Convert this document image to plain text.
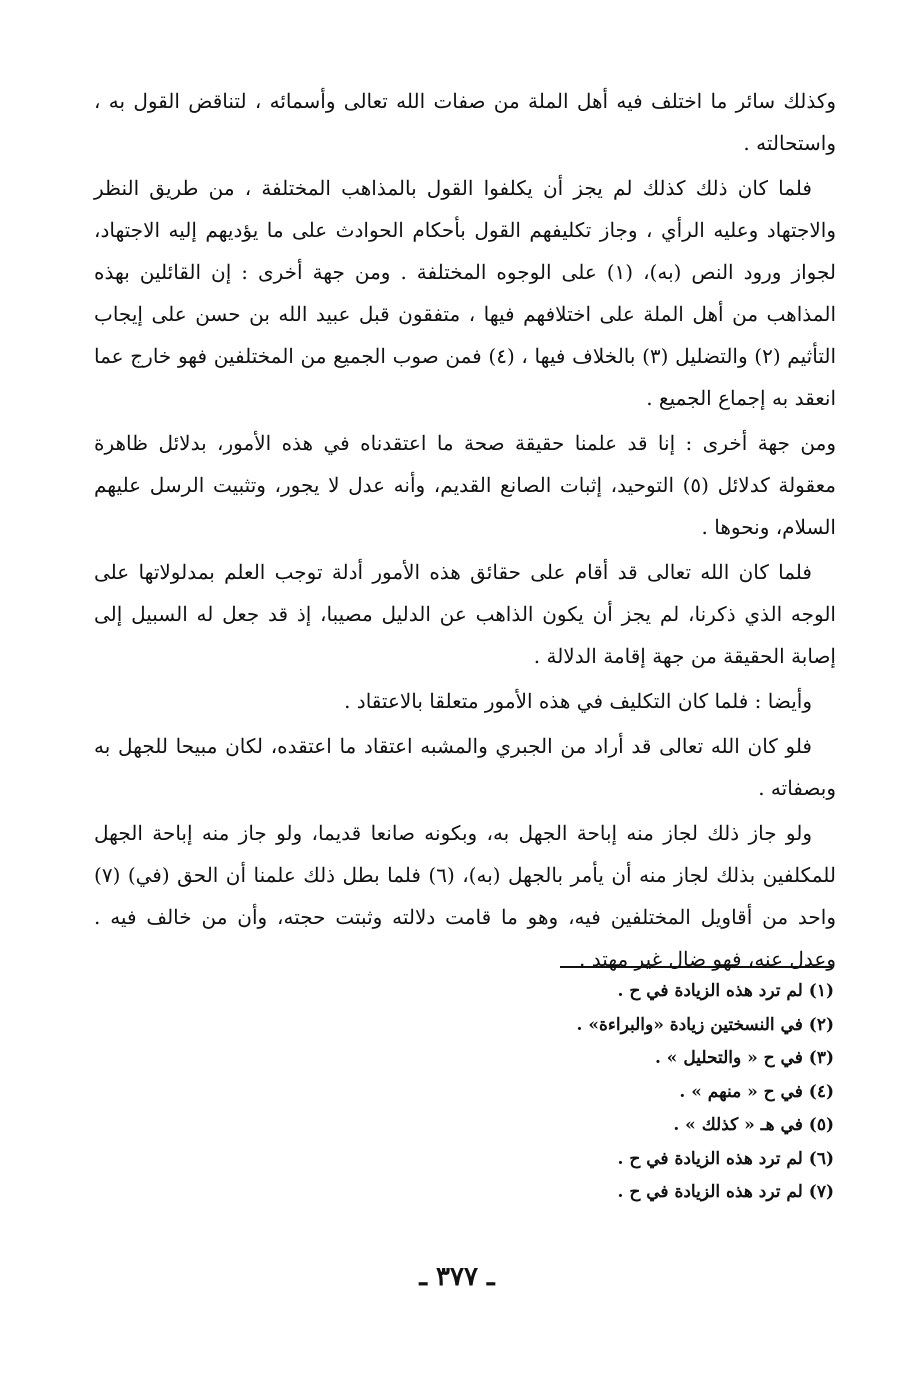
وكذلك سائر ما اختلف فيه أهل الملة من صفات الله تعالى وأسمائه ، لتناقض القول به ، واستحالته .

فلما كان ذلك كذلك لم يجز أن يكلفوا القول بالمذاهب المختلفة ، من طريق النظر والاجتهاد وعليه الرأي ، وجاز تكليفهم القول بأحكام الحوادث على ما يؤديهم إليه الاجتهاد، لجواز ورود النص (به)، (١) على الوجوه المختلفة . ومن جهة أخرى : إن القائلين بهذه المذاهب من أهل الملة على اختلافهم فيها ، متفقون قبل عبيد الله بن حسن على إيجاب التأثيم (٢) والتضليل (٣) بالخلاف فيها ، (٤) فمن صوب الجميع من المختلفين فهو خارج عما انعقد به إجماع الجميع .

ومن جهة أخرى : إنا قد علمنا حقيقة صحة ما اعتقدناه في هذه الأمور، بدلائل ظاهرة معقولة كدلائل (٥) التوحيد، إثبات الصانع القديم، وأنه عدل لا يجور، وتثبيت الرسل عليهم السلام، ونحوها .

فلما كان الله تعالى قد أقام على حقائق هذه الأمور أدلة توجب العلم بمدلولاتها على الوجه الذي ذكرنا، لم يجز أن يكون الذاهب عن الدليل مصيبا، إذ قد جعل له السبيل إلى إصابة الحقيقة من جهة إقامة الدلالة .

وأيضا : فلما كان التكليف في هذه الأمور متعلقا بالاعتقاد .

فلو كان الله تعالى قد أراد من الجبري والمشبه اعتقاد ما اعتقده، لكان مبيحا للجهل به وبصفاته .

ولو جاز ذلك لجاز منه إباحة الجهل به، وبكونه صانعا قديما، ولو جاز منه إباحة الجهل للمكلفين بذلك لجاز منه أن يأمر بالجهل (به)، (٦) فلما بطل ذلك علمنا أن الحق (في) (٧) واحد من أقاويل المختلفين فيه، وهو ما قامت دلالته وثبتت حجته، وأن من خالف فيه . وعدل عنه، فهو ضال غير مهتد .

(١) لم ترد هذه الزيادة في ح .
(٢) في النسختين زيادة «والبراءة» .
(٣) في ح « والتحليل » .
(٤) في ح « منهم » .
(٥) في هـ « كذلك » .
(٦) لم ترد هذه الزيادة في ح .
(٧) لم ترد هذه الزيادة في ح .
ـ ٣٧٧ ـ
